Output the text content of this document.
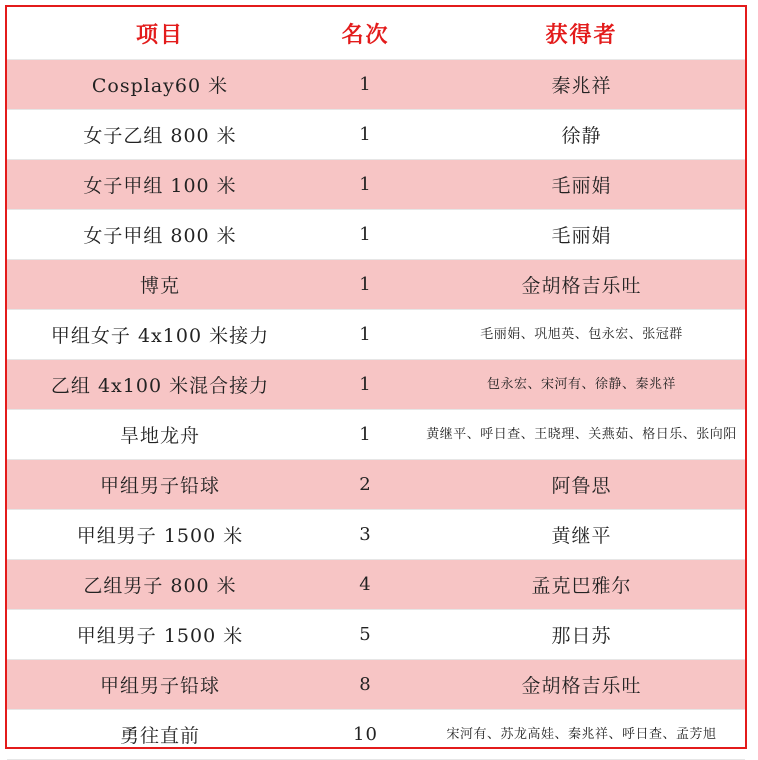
项目	名次	获得者
Cosplay60 米	1	秦兆祥
女子乙组 800 米	1	徐静
女子甲组 100 米	1	毛丽娟
女子甲组 800 米	1	毛丽娟
博克	1	金胡格吉乐吐
甲组女子 4x100 米接力	1	毛丽娟、巩旭英、包永宏、张冠群
乙组 4x100 米混合接力	1	包永宏、宋河有、徐静、秦兆祥
旱地龙舟	1	黄继平、呼日查、王晓理、关燕茹、格日乐、张向阳
甲组男子铅球	2	阿鲁思
甲组男子 1500 米	3	黄继平
乙组男子 800 米	4	孟克巴雅尔
甲组男子 1500 米	5	那日苏
甲组男子铅球	8	金胡格吉乐吐
勇往直前	10	宋河有、苏龙高娃、秦兆祥、呼日查、孟芳旭
